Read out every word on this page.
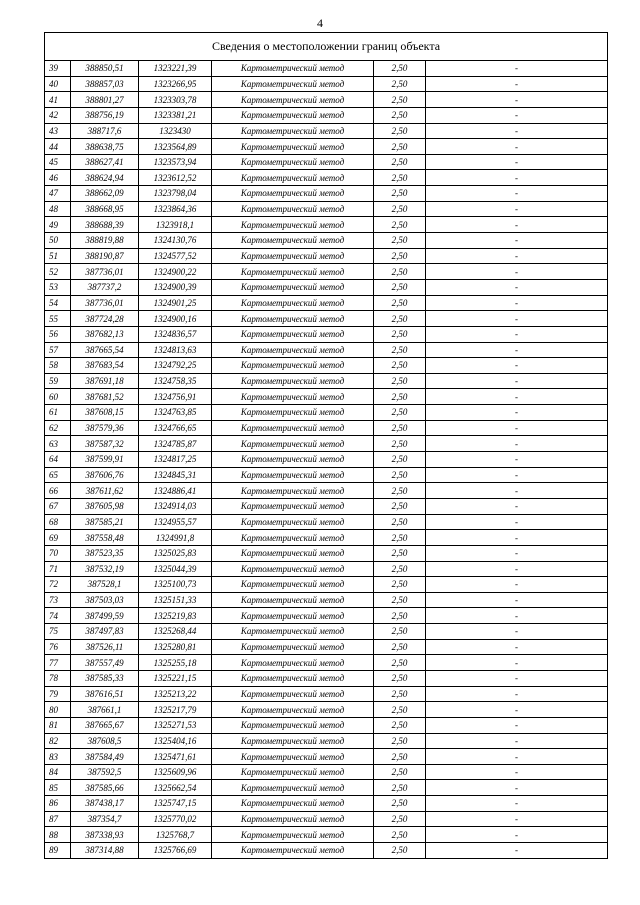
4
Сведения о местоположении границ объекта					
39	388850,51	1323221,39	Картометрический метод	2,50	-
40	388857,03	1323266,95	Картометрический метод	2,50	-
41	388801,27	1323303,78	Картометрический метод	2,50	-
42	388756,19	1323381,21	Картометрический метод	2,50	-
43	388717,6	1323430	Картометрический метод	2,50	-
44	388638,75	1323564,89	Картометрический метод	2,50	-
45	388627,41	1323573,94	Картометрический метод	2,50	-
46	388624,94	1323612,52	Картометрический метод	2,50	-
47	388662,09	1323798,04	Картометрический метод	2,50	-
48	388668,95	1323864,36	Картометрический метод	2,50	-
49	388688,39	1323918,1	Картометрический метод	2,50	-
50	388819,88	1324130,76	Картометрический метод	2,50	-
51	388190,87	1324577,52	Картометрический метод	2,50	-
52	387736,01	1324900,22	Картометрический метод	2,50	-
53	387737,2	1324900,39	Картометрический метод	2,50	-
54	387736,01	1324901,25	Картометрический метод	2,50	-
55	387724,28	1324900,16	Картометрический метод	2,50	-
56	387682,13	1324836,57	Картометрический метод	2,50	-
57	387665,54	1324813,63	Картометрический метод	2,50	-
58	387683,54	1324792,25	Картометрический метод	2,50	-
59	387691,18	1324758,35	Картометрический метод	2,50	-
60	387681,52	1324756,91	Картометрический метод	2,50	-
61	387608,15	1324763,85	Картометрический метод	2,50	-
62	387579,36	1324766,65	Картометрический метод	2,50	-
63	387587,32	1324785,87	Картометрический метод	2,50	-
64	387599,91	1324817,25	Картометрический метод	2,50	-
65	387606,76	1324845,31	Картометрический метод	2,50	-
66	387611,62	1324886,41	Картометрический метод	2,50	-
67	387605,98	1324914,03	Картометрический метод	2,50	-
68	387585,21	1324955,57	Картометрический метод	2,50	-
69	387558,48	1324991,8	Картометрический метод	2,50	-
70	387523,35	1325025,83	Картометрический метод	2,50	-
71	387532,19	1325044,39	Картометрический метод	2,50	-
72	387528,1	1325100,73	Картометрический метод	2,50	-
73	387503,03	1325151,33	Картометрический метод	2,50	-
74	387499,59	1325219,83	Картометрический метод	2,50	-
75	387497,83	1325268,44	Картометрический метод	2,50	-
76	387526,11	1325280,81	Картометрический метод	2,50	-
77	387557,49	1325255,18	Картометрический метод	2,50	-
78	387585,33	1325221,15	Картометрический метод	2,50	-
79	387616,51	1325213,22	Картометрический метод	2,50	-
80	387661,1	1325217,79	Картометрический метод	2,50	-
81	387665,67	1325271,53	Картометрический метод	2,50	-
82	387608,5	1325404,16	Картометрический метод	2,50	-
83	387584,49	1325471,61	Картометрический метод	2,50	-
84	387592,5	1325609,96	Картометрический метод	2,50	-
85	387585,66	1325662,54	Картометрический метод	2,50	-
86	387438,17	1325747,15	Картометрический метод	2,50	-
87	387354,7	1325770,02	Картометрический метод	2,50	-
88	387338,93	1325768,7	Картометрический метод	2,50	-
89	387314,88	1325766,69	Картометрический метод	2,50	-
